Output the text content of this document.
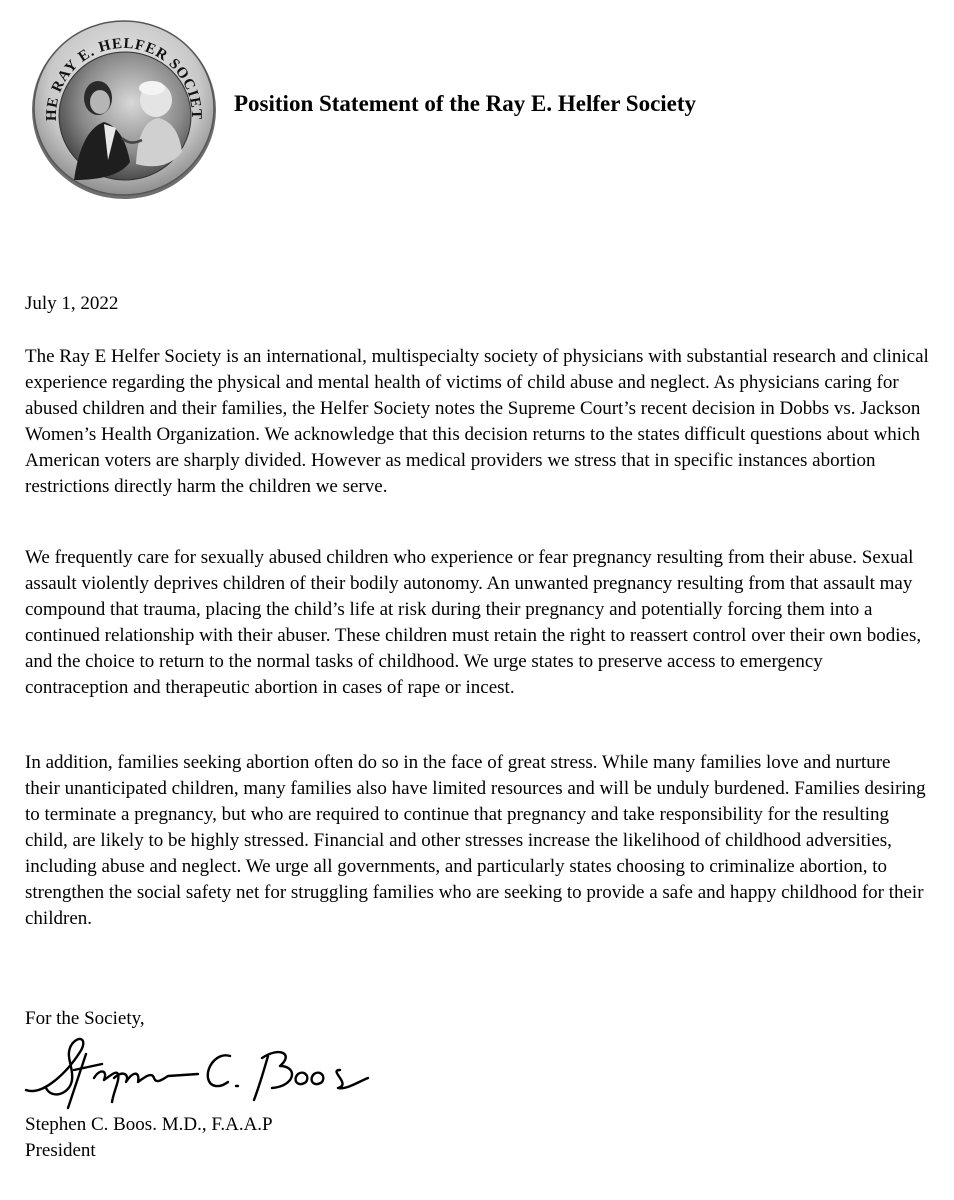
HE RAY E. HELFER SOCIET Position Statement of the Ray E. Helfer Society

July 1, 2022

The Ray E Helfer Society is an international, multispecialty society of physicians with substantial research and clinical experience regarding the physical and mental health of victims of child abuse and neglect. As physicians caring for abused children and their families, the Helfer Society notes the Supreme Court’s recent decision in Dobbs vs. Jackson Women’s Health Organization. We acknowledge that this decision returns to the states difficult questions about which American voters are sharply divided. However as medical providers we stress that in specific instances abortion restrictions directly harm the children we serve.

We frequently care for sexually abused children who experience or fear pregnancy resulting from their abuse. Sexual assault violently deprives children of their bodily autonomy. An unwanted pregnancy resulting from that assault may compound that trauma, placing the child’s life at risk during their pregnancy and potentially forcing them into a continued relationship with their abuser. These children must retain the right to reassert control over their own bodies, and the choice to return to the normal tasks of childhood. We urge states to preserve access to emergency contraception and therapeutic abortion in cases of rape or incest.

In addition, families seeking abortion often do so in the face of great stress. While many families love and nurture their unanticipated children, many families also have limited resources and will be unduly burdened. Families desiring to terminate a pregnancy, but who are required to continue that pregnancy and take responsibility for the resulting child, are likely to be highly stressed. Financial and other stresses increase the likelihood of childhood adversities, including abuse and neglect. We urge all governments, and particularly states choosing to criminalize abortion, to strengthen the social safety net for struggling families who are seeking to provide a safe and happy childhood for their children.

For the Society,

Stephen C. Boos. M.D., F.A.A.P

President
